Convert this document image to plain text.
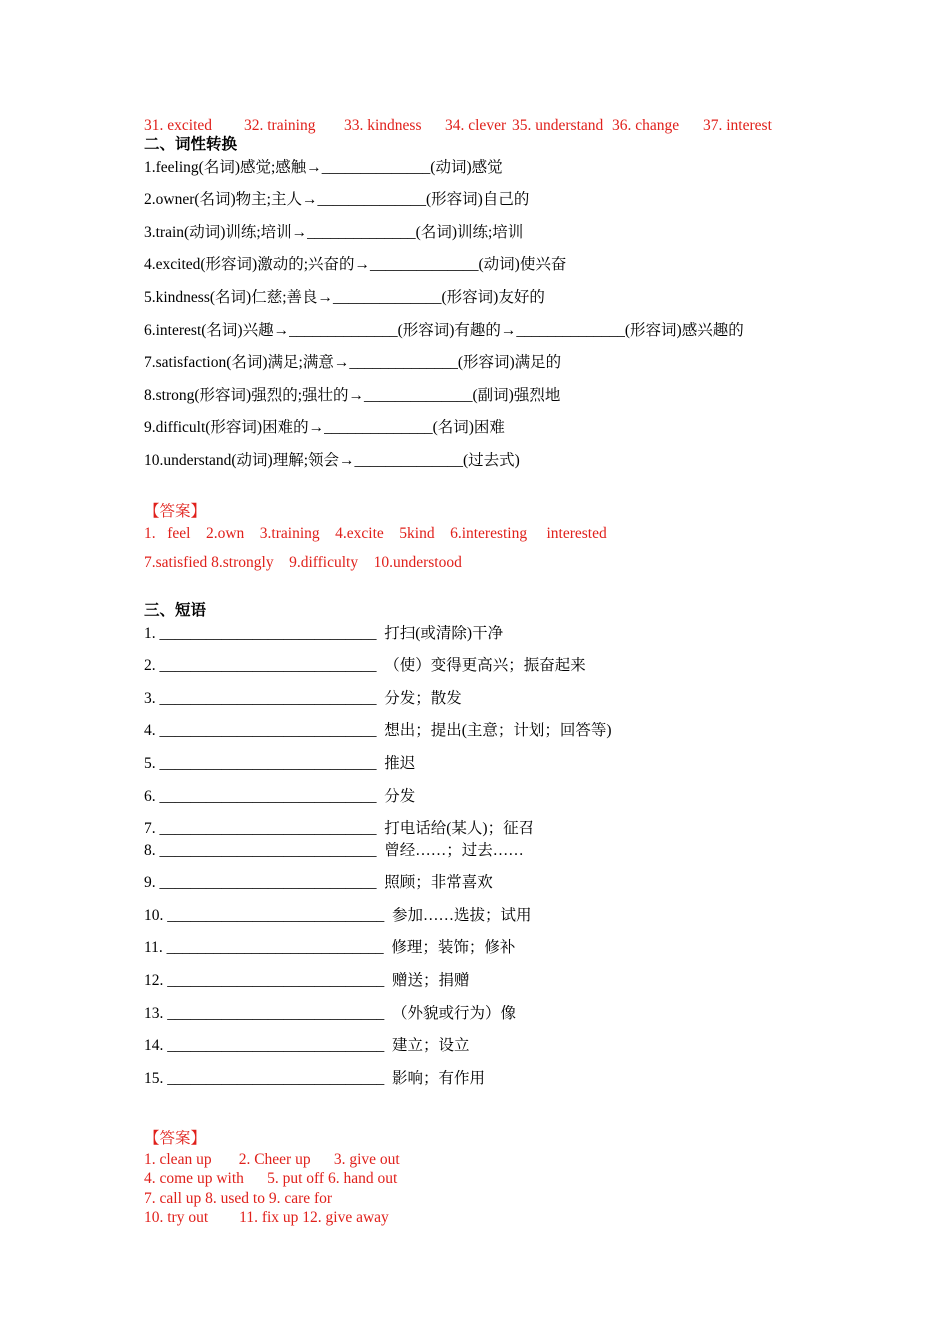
31. excited 32. training 33. kindness 34. clever 35. understand 36. change 37. interest
二、词性转换
1.feeling(名词)感觉;感触→______________(动词)感觉
2.owner(名词)物主;主人→______________(形容词)自己的
3.train(动词)训练;培训→______________(名词)训练;培训
4.excited(形容词)激动的;兴奋的→______________(动词)使兴奋
5.kindness(名词)仁慈;善良→______________(形容词)友好的
6.interest(名词)兴趣→______________(形容词)有趣的→______________(形容词)感兴趣的
7.satisfaction(名词)满足;满意→______________(形容词)满足的
8.strong(形容词)强烈的;强壮的→______________(副词)强烈地
9.difficult(形容词)困难的→______________(名词)困难
10.understand(动词)理解;领会→______________(过去式)
【答案】
1.   feel    2.own    3.training    4.excite    5kind    6.interesting     interested
7.satisfied 8.strongly    9.difficulty    10.understood
三、短语
1. ____________________________  打扫(或清除)干净
2. ____________________________  （使）变得更高兴；振奋起来
3. ____________________________  分发；散发
4. ____________________________  想出；提出(主意；计划；回答等)
5. ____________________________  推迟
6. ____________________________  分发
7. ____________________________  打电话给(某人)；征召
8. ____________________________  曾经……；过去……
9. ____________________________  照顾；非常喜欢
10. ____________________________  参加……选拔；试用
11. ____________________________  修理；装饰；修补
12. ____________________________  赠送；捐赠
13. ____________________________  （外貌或行为）像
14. ____________________________  建立；设立
15. ____________________________  影响；有作用
【答案】
1. clean up       2. Cheer up      3. give out
4. come up with      5. put off 6. hand out
7. call up 8. used to 9. care for
10. try out        11. fix up 12. give away
